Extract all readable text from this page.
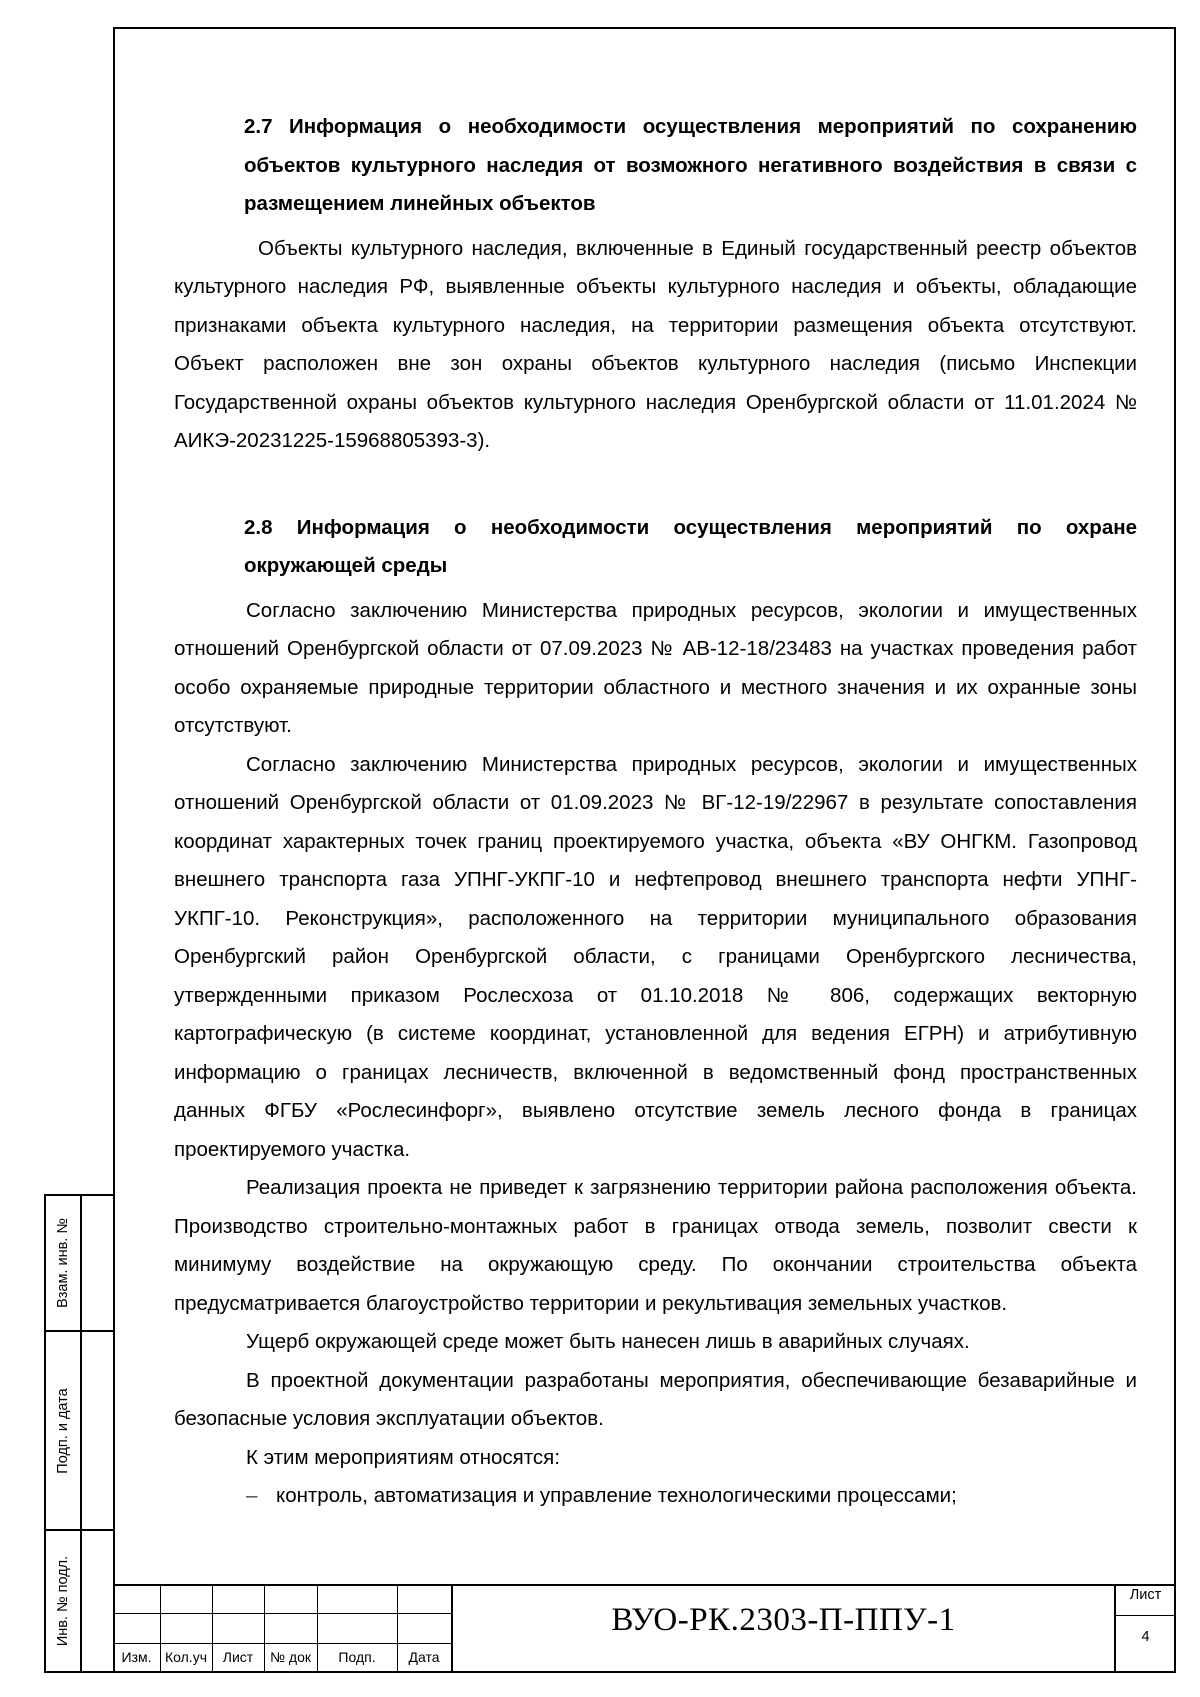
2.7 Информация о необходимости осуществления мероприятий по сохранению объектов культурного наследия от возможного негативного воздействия в связи с размещением линейных объектов

Объекты культурного наследия, включенные в Единый государственный реестр объектов культурного наследия РФ, выявленные объекты культурного наследия и объекты, обладающие признаками объекта культурного наследия, на территории размещения объекта отсутствуют. Объект расположен вне зон охраны объектов культурного наследия (письмо Инспекции Государственной охраны объектов культурного наследия Оренбургской области от 11.01.2024 № АИКЭ-20231225-15968805393-3).

2.8 Информация о необходимости осуществления мероприятий по охране окружающей среды

Согласно заключению Министерства природных ресурсов, экологии и имущественных отношений Оренбургской области от 07.09.2023 № АВ-12-18/23483 на участках проведения работ особо охраняемые природные территории областного и местного значения и их охранные зоны отсутствуют.

Согласно заключению Министерства природных ресурсов, экологии и имущественных отношений Оренбургской области от 01.09.2023 № ВГ-12-19/22967 в результате сопоставления координат характерных точек границ проектируемого участка, объекта «ВУ ОНГКМ. Газопровод внешнего транспорта газа УПНГ-УКПГ-10 и нефтепровод внешнего транспорта нефти УПНГ-УКПГ-10. Реконструкция», расположенного на территории муниципального образования Оренбургский район Оренбургской области, с границами Оренбургского лесничества, утвержденными приказом Рослесхоза от 01.10.2018 № 806, содержащих векторную картографическую (в системе координат, установленной для ведения ЕГРН) и атрибутивную информацию о границах лесничеств, включенной в ведомственный фонд пространственных данных ФГБУ «Рослесинфорг», выявлено отсутствие земель лесного фонда в границах проектируемого участка.

Реализация проекта не приведет к загрязнению территории района расположения объекта. Производство строительно-монтажных работ в границах отвода земель, позволит свести к минимуму воздействие на окружающую среду. По окончании строительства объекта предусматривается благоустройство территории и рекультивация земельных участков.

Ущерб окружающей среде может быть нанесен лишь в аварийных случаях.

В проектной документации разработаны мероприятия, обеспечивающие безаварийные и безопасные условия эксплуатации объектов.

К этим мероприятиям относятся:

– контроль, автоматизация и управление технологическими процессами;
Взам. инв. №
Подп. и дата
Инв. № подл.
Изм. Кол.уч	Лист	№ док	Подп.	Дата
ВУО-РК.2303-П-ППУ-1
Лист
4
